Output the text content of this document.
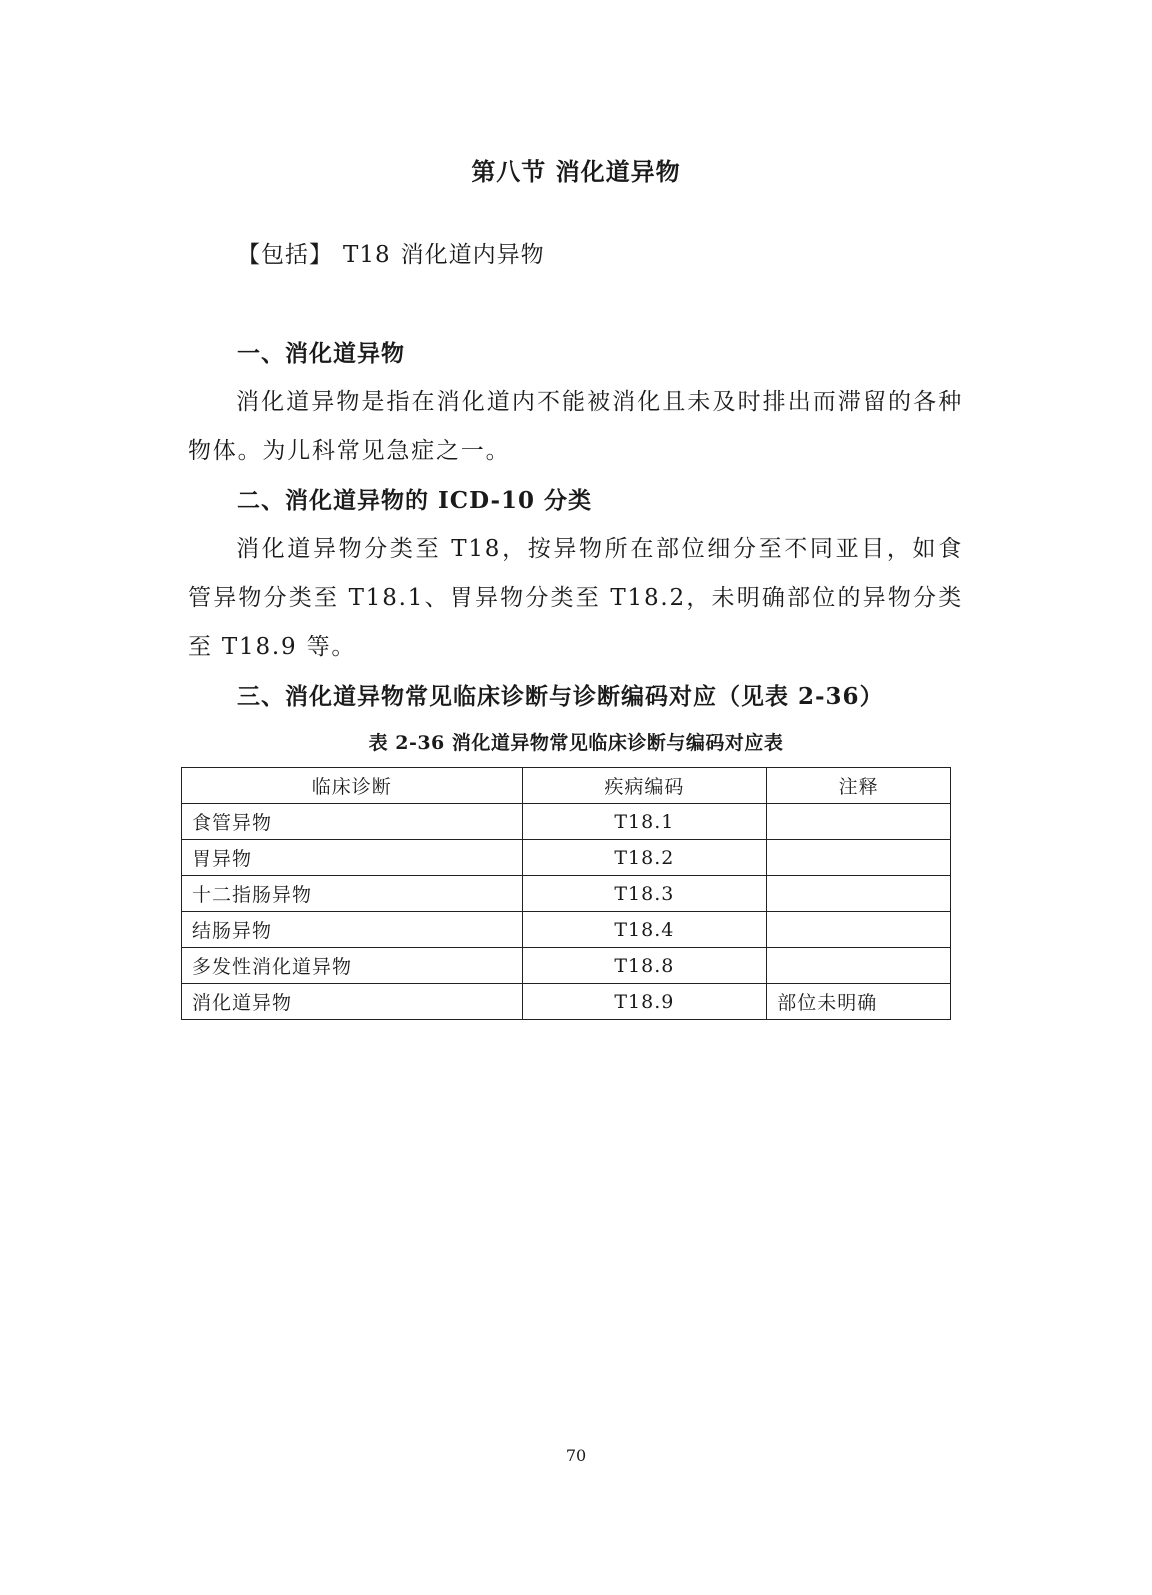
第八节 消化道异物
【包括】 T18 消化道内异物
一、消化道异物
消化道异物是指在消化道内不能被消化且未及时排出而滞留的各种物体。为儿科常见急症之一。
二、消化道异物的 ICD-10 分类
消化道异物分类至 T18，按异物所在部位细分至不同亚目，如食管异物分类至 T18.1、胃异物分类至 T18.2，未明确部位的异物分类至 T18.9 等。
三、消化道异物常见临床诊断与诊断编码对应（见表 2-36）
表 2-36 消化道异物常见临床诊断与编码对应表
临床诊断	疾病编码	注释
食管异物	T18.1	
胃异物	T18.2	
十二指肠异物	T18.3	
结肠异物	T18.4	
多发性消化道异物	T18.8	
消化道异物	T18.9	部位未明确
70
